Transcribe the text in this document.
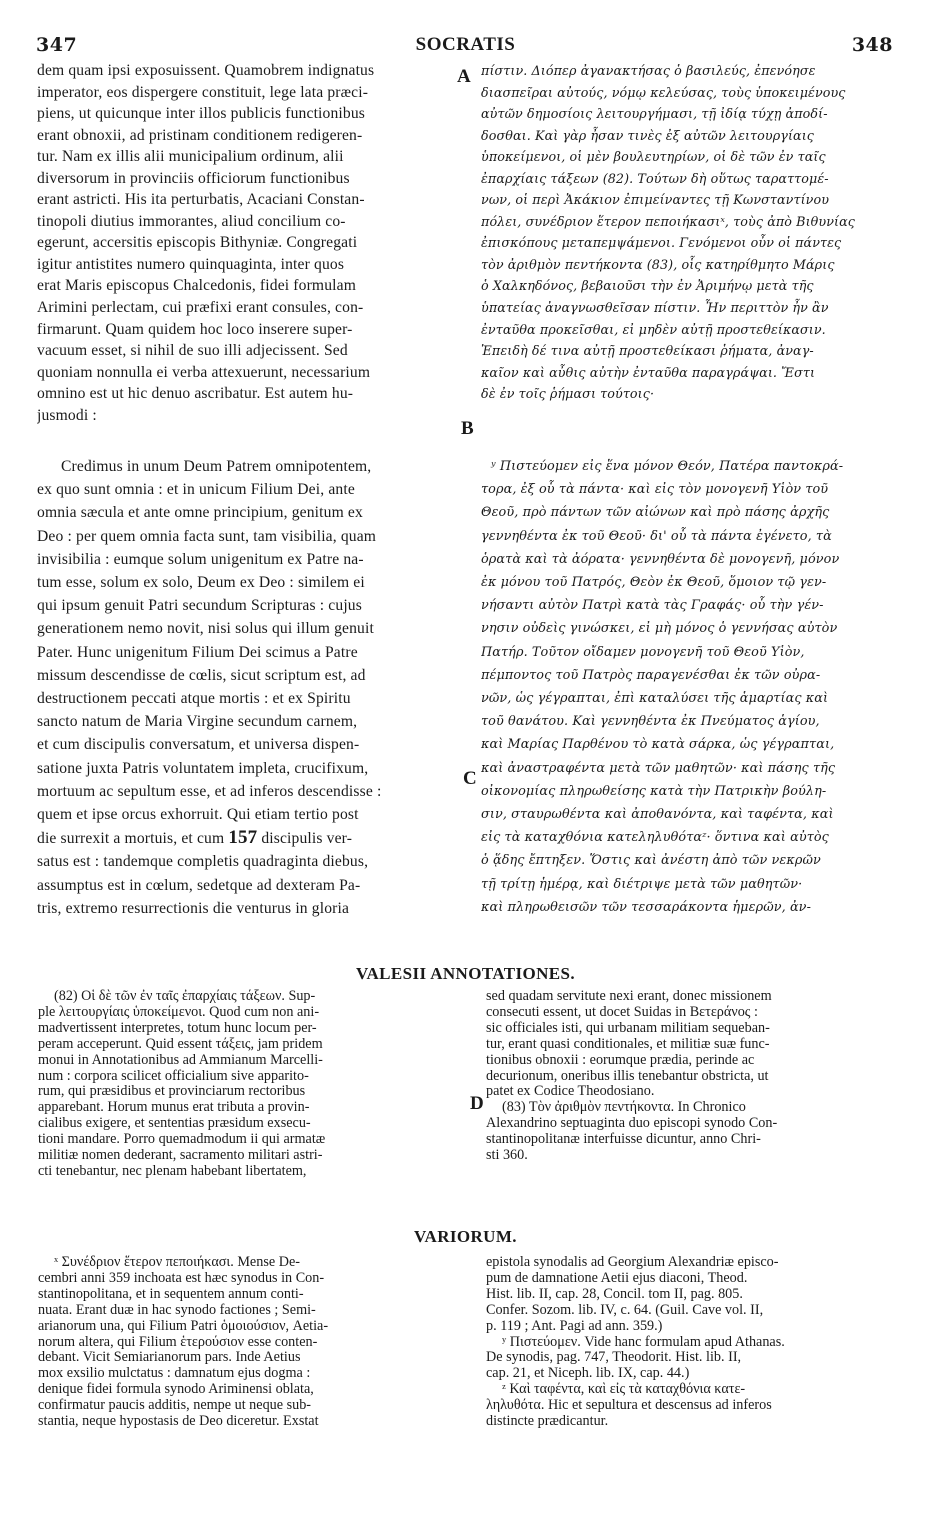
347	SOCRATIS	348
A
B
C
D
dem quam ipsi exposuissent. Quamobrem indignatus
imperator, eos dispergere constituit, lege lata præci-
piens, ut quicunque inter illos publicis functionibus
erant obnoxii, ad pristinam conditionem redigeren-
tur. Nam ex illis alii municipalium ordinum, alii
diversorum in provinciis officiorum functionibus
erant astricti. His ita perturbatis, Acaciani Constan-
tinopoli diutius immorantes, aliud concilium co-
egerunt, accersitis episcopis Bithyniæ. Congregati
igitur antistites numero quinquaginta, inter quos
erat Maris episcopus Chalcedonis, fidei formulam
Arimini perlectam, cui præfixi erant consules, con-
firmarunt. Quam quidem hoc loco inserere super-
vacuum esset, si nihil de suo illi adjecissent. Sed
quoniam nonnulla ei verba attexuerunt, necessarium
omnino est ut hic denuo ascribatur. Est autem hu-
jusmodi :
πίστιν. Διόπερ ἀγανακτήσας ὁ βασιλεύς, ἐπενόησε
διασπεῖραι αὐτούς, νόμῳ κελεύσας, τοὺς ὑποκειμένους
αὐτῶν δημοσίοις λειτουργήμασι, τῇ ἰδίᾳ τύχῃ ἀποδί-
δοσθαι. Καὶ γὰρ ἦσαν τινὲς ἐξ αὐτῶν λειτουργίαις
ὑποκείμενοι, οἱ μὲν βουλευτηρίων, οἱ δὲ τῶν ἐν ταῖς
ἐπαρχίαις τάξεων (82). Τούτων δὴ οὕτως ταραττομέ-
νων, οἱ περὶ Ἀκάκιον ἐπιμείναντες τῇ Κωνσταντίνου
πόλει, συνέδριον ἕτερον πεποιήκασιˣ, τοὺς ἀπὸ Βιθυνίας
ἐπισκόπους μεταπεμψάμενοι. Γενόμενοι οὖν οἱ πάντες
τὸν ἀριθμὸν πεντήκοντα (83), οἷς κατηρίθμητο Μάρις
ὁ Χαλκηδόνος, βεβαιοῦσι τὴν ἐν Ἀριμήνῳ μετὰ τῆς
ὑπατείας ἀναγνωσθεῖσαν πίστιν. Ἦν περιττὸν ἦν ἂν
ἐνταῦθα προκεῖσθαι, εἰ μηδὲν αὐτῇ προστεθείκασιν.
Ἐπειδὴ δέ τινα αὐτῇ προστεθείκασι ῥήματα, ἀναγ-
καῖον καὶ αὖθις αὐτὴν ἐνταῦθα παραγράψαι. Ἔστι
δὲ ἐν τοῖς ῥήμασι τούτοις·
Credimus in unum Deum Patrem omnipotentem,
ex quo sunt omnia : et in unicum Filium Dei, ante
omnia sæcula et ante omne principium, genitum ex
Deo : per quem omnia facta sunt, tam visibilia, quam
invisibilia : eumque solum unigenitum ex Patre na-
tum esse, solum ex solo, Deum ex Deo : similem ei
qui ipsum genuit Patri secundum Scripturas : cujus
generationem nemo novit, nisi solus qui illum genuit
Pater. Hunc unigenitum Filium Dei scimus a Patre
missum descendisse de cœlis, sicut scriptum est, ad
destructionem peccati atque mortis : et ex Spiritu
sancto natum de Maria Virgine secundum carnem,
et cum discipulis conversatum, et universa dispen-
satione juxta Patris voluntatem impleta, crucifixum,
mortuum ac sepultum esse, et ad inferos descendisse :
quem et ipse orcus exhorruit. Qui etiam tertio post
die surrexit a mortuis, et cum 157 discipulis ver-
satus est : tandemque completis quadraginta diebus,
assumptus est in cœlum, sedetque ad dexteram Pa-
tris, extremo resurrectionis die venturus in gloria
ʸ Πιστεύομεν εἰς ἕνα μόνον Θεόν, Πατέρα παντοκρά-
τορα, ἐξ οὗ τὰ πάντα· καὶ εἰς τὸν μονογενῆ Υἱὸν τοῦ
Θεοῦ, πρὸ πάντων τῶν αἰώνων καὶ πρὸ πάσης ἀρχῆς
γεννηθέντα ἐκ τοῦ Θεοῦ· δι' οὗ τὰ πάντα ἐγένετο, τὰ
ὁρατὰ καὶ τὰ ἀόρατα· γεννηθέντα δὲ μονογενῆ, μόνον
ἐκ μόνου τοῦ Πατρός, Θεὸν ἐκ Θεοῦ, ὅμοιον τῷ γεν-
νήσαντι αὐτὸν Πατρὶ κατὰ τὰς Γραφάς· οὗ τὴν γέν-
νησιν οὐδεὶς γινώσκει, εἰ μὴ μόνος ὁ γεννήσας αὐτὸν
Πατήρ. Τοῦτον οἴδαμεν μονογενῆ τοῦ Θεοῦ Υἱὸν,
πέμποντος τοῦ Πατρὸς παραγενέσθαι ἐκ τῶν οὐρα-
νῶν, ὡς γέγραπται, ἐπὶ καταλύσει τῆς ἁμαρτίας καὶ
τοῦ θανάτου. Καὶ γεννηθέντα ἐκ Πνεύματος ἁγίου,
καὶ Μαρίας Παρθένου τὸ κατὰ σάρκα, ὡς γέγραπται,
καὶ ἀναστραφέντα μετὰ τῶν μαθητῶν· καὶ πάσης τῆς
οἰκονομίας πληρωθείσης κατὰ τὴν Πατρικὴν βούλη-
σιν, σταυρωθέντα καὶ ἀποθανόντα, καὶ ταφέντα, καὶ
εἰς τὰ καταχθόνια κατεληλυθόταᶻ· ὅντινα καὶ αὐτὸς
ὁ ᾅδης ἔπτηξεν. Ὅστις καὶ ἀνέστη ἀπὸ τῶν νεκρῶν
τῇ τρίτῃ ἡμέρᾳ, καὶ διέτριψε μετὰ τῶν μαθητῶν·
καὶ πληρωθεισῶν τῶν τεσσαράκοντα ἡμερῶν, ἀν-
VALESII ANNOTATIONES.
(82) Οἱ δὲ τῶν ἐν ταῖς ἐπαρχίαις τάξεων. Sup-
ple λειτουργίαις ὑποκείμενοι. Quod cum non ani-
madvertissent interpretes, totum hunc locum per-
peram acceperunt. Quid essent τάξεις, jam pridem
monui in Annotationibus ad Ammianum Marcelli-
num : corpora scilicet officialium sive apparito-
rum, qui præsidibus et provinciarum rectoribus
apparebant. Horum munus erat tributa a provin-
cialibus exigere, et sententias præsidum exsecu-
tioni mandare. Porro quemadmodum ii qui armatæ
militiæ nomen dederant, sacramento militari astri-
cti tenebantur, nec plenam habebant libertatem,
sed quadam servitute nexi erant, donec missionem
consecuti essent, ut docet Suidas in Βετεράνος :
sic officiales isti, qui urbanam militiam sequeban-
tur, erant quasi conditionales, et militiæ suæ func-
tionibus obnoxii : eorumque prædia, perinde ac
decurionum, oneribus illis tenebantur obstricta, ut
patet ex Codice Theodosiano.
(83) Τὸν ἀριθμὸν πεντήκοντα. In Chronico
Alexandrino septuaginta duo episcopi synodo Con-
stantinopolitanæ interfuisse dicuntur, anno Chri-
sti 360.
VARIORUM.
ˣ Συνέδριον ἕτερον πεποιήκασι. Mense De-
cembri anni 359 inchoata est hæc synodus in Con-
stantinopolitana, et in sequentem annum conti-
nuata. Erant duæ in hac synodo factiones ; Semi-
arianorum una, qui Filium Patri ὁμοιούσιον, Aetia-
norum altera, qui Filium ἑτερούσιον esse conten-
debant. Vicit Semiarianorum pars. Inde Aetius
mox exsilio mulctatus : damnatum ejus dogma :
denique fidei formula synodo Ariminensi oblata,
confirmatur paucis additis, nempe ut neque sub-
stantia, neque hypostasis de Deo diceretur. Exstat
epistola synodalis ad Georgium Alexandriæ episco-
pum de damnatione Aetii ejus diaconi, Theod.
Hist. lib. II, cap. 28, Concil. tom II, pag. 805.
Confer. Sozom. lib. IV, c. 64. (Guil. Cave vol. II,
p. 119 ; Ant. Pagi ad ann. 359.)
ʸ Πιστεύομεν. Vide hanc formulam apud Athanas.
De synodis, pag. 747, Theodorit. Hist. lib. II,
cap. 21, et Niceph. lib. IX, cap. 44.)
ᶻ Καὶ ταφέντα, καὶ εἰς τὰ καταχθόνια κατε-
ληλυθότα. Hic et sepultura et descensus ad inferos
distincte prædicantur.
